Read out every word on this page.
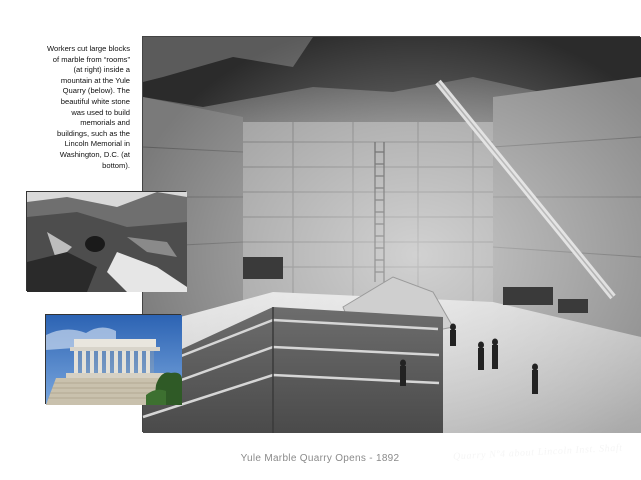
Workers cut large blocks
of marble from “rooms”
(at right) inside a
mountain at the Yule
Quarry (below). The
beautiful white stone
was used to build
memorials and
buildings, such as the
Lincoln Memorial in
Washington, D.C. (at
bottom).
Quarry Nº4 about Lincoln Inst. Shaft
Yule Marble Quarry Opens - 1892
